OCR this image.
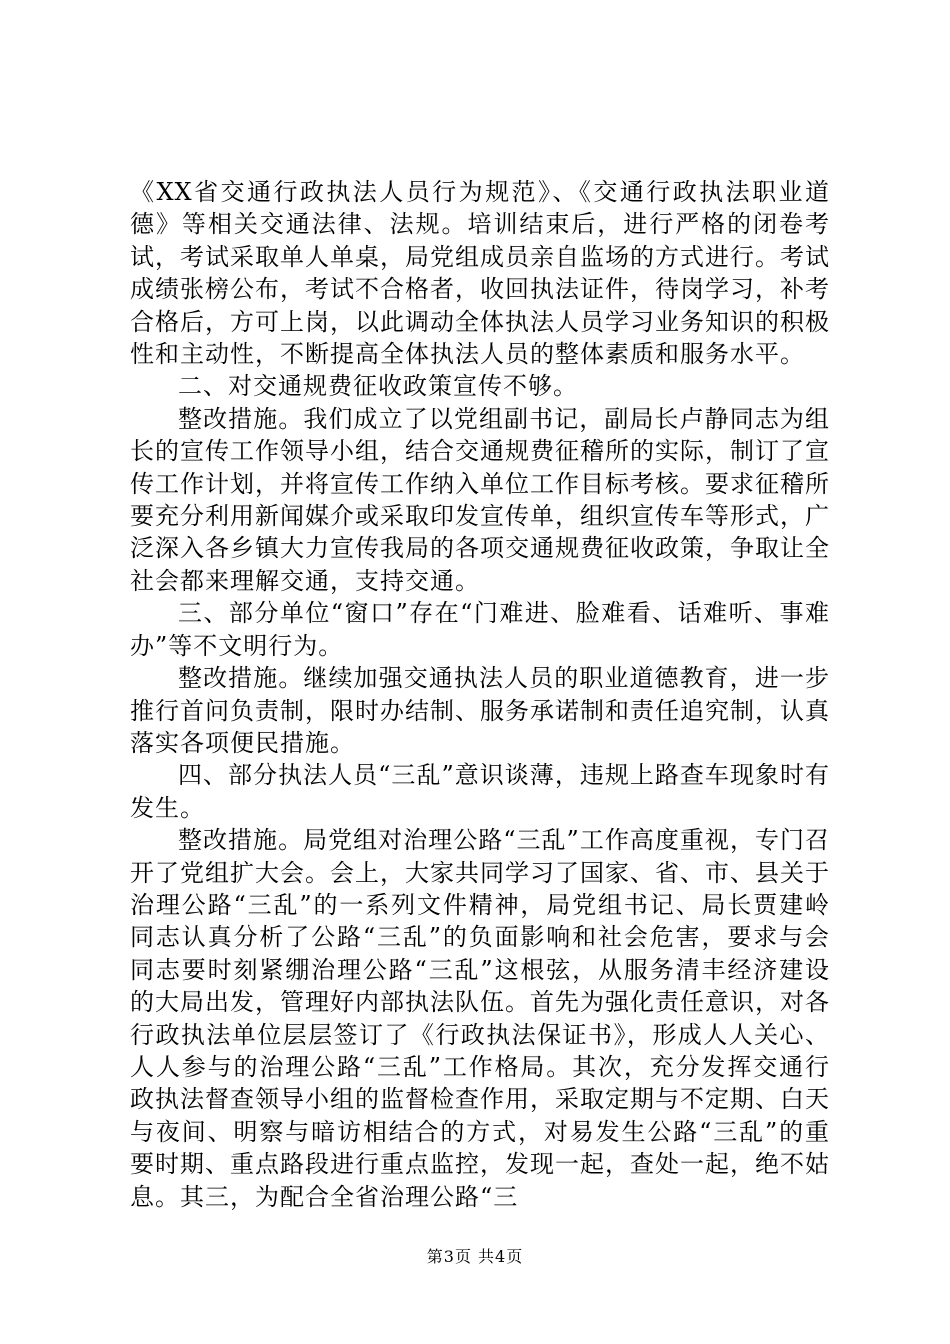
《XX省交通行政执法人员行为规范》、《交通行政执法职业道德》等相关交通法律、法规。培训结束后，进行严格的闭卷考试，考试采取单人单桌，局党组成员亲自监场的方式进行。考试成绩张榜公布，考试不合格者，收回执法证件，待岗学习，补考合格后，方可上岗，以此调动全体执法人员学习业务知识的积极性和主动性，不断提高全体执法人员的整体素质和服务水平。

二、对交通规费征收政策宣传不够。

整改措施。我们成立了以党组副书记，副局长卢静同志为组长的宣传工作领导小组，结合交通规费征稽所的实际，制订了宣传工作计划，并将宣传工作纳入单位工作目标考核。要求征稽所要充分利用新闻媒介或采取印发宣传单，组织宣传车等形式，广泛深入各乡镇大力宣传我局的各项交通规费征收政策，争取让全社会都来理解交通，支持交通。

三、部分单位“窗口”存在“门难进、脸难看、话难听、事难办”等不文明行为。

整改措施。继续加强交通执法人员的职业道德教育，进一步推行首问负责制，限时办结制、服务承诺制和责任追究制，认真落实各项便民措施。

四、部分执法人员“三乱”意识谈薄，违规上路查车现象时有发生。

整改措施。局党组对治理公路“三乱”工作高度重视，专门召开了党组扩大会。会上，大家共同学习了国家、省、市、县关于治理公路“三乱”的一系列文件精神，局党组书记、局长贾建岭同志认真分析了公路“三乱”的负面影响和社会危害，要求与会同志要时刻紧绷治理公路“三乱”这根弦，从服务清丰经济建设的大局出发，管理好内部执法队伍。首先为强化责任意识，对各行政执法单位层层签订了《行政执法保证书》，形成人人关心、人人参与的治理公路“三乱”工作格局。其次，充分发挥交通行政执法督查领导小组的监督检查作用，采取定期与不定期、白天与夜间、明察与暗访相结合的方式，对易发生公路“三乱”的重要时期、重点路段进行重点监控，发现一起，查处一起，绝不姑息。其三，为配合全省治理公路“三

第3页 共4页
